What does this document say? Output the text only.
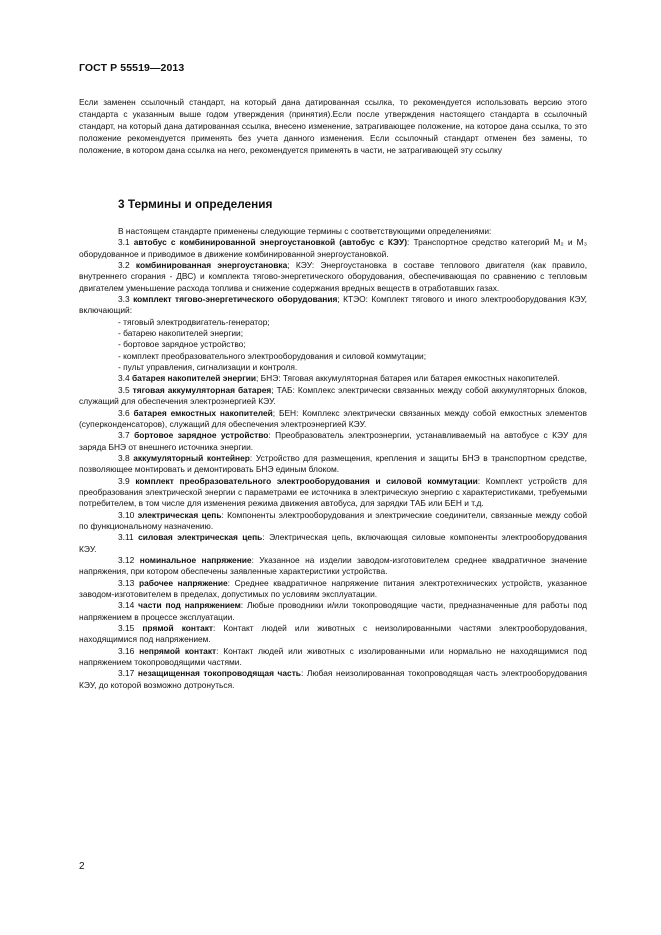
ГОСТ Р 55519—2013
Если заменен ссылочный стандарт, на который дана датированная ссылка, то рекомендуется использовать версию этого стандарта с указанным выше годом утверждения (принятия).Если после утверждения настоящего стандарта в ссылочный стандарт, на который дана датированная ссылка, внесено изменение, затрагивающее положение, на которое дана ссылка, то это положение рекомендуется применять без учета данного изменения. Если ссылочный стандарт отменен без замены, то положение, в котором дана ссылка на него, рекомендуется применять в части, не затрагивающей эту ссылку
3 Термины и определения

В настоящем стандарте применены следующие термины с соответствующими определениями:

3.1 автобус с комбинированной энергоустановкой (автобус с КЭУ): Транспортное средство категорий M₂ и M₃ оборудованное и приводимое в движение комбинированной энергоустановкой.

3.2 комбинированная энергоустановка; КЭУ: Энергоустановка в составе теплового двигателя (как правило, внутреннего сгорания - ДВС) и комплекта тягово-энергетического оборудования, обеспечивающая по сравнению с тепловым двигателем уменьшение расхода топлива и снижение содержания вредных веществ в отработавших газах.

3.3 комплект тягово-энергетического оборудования; КТЭО: Комплект тягового и иного электрооборудования КЭУ, включающий:

- тяговый электродвигатель-генератор;

- батарею накопителей энергии;

- бортовое зарядное устройство;

- комплект преобразовательного электрооборудования и силовой коммутации;

- пульт управления, сигнализации и контроля.

3.4 батарея накопителей энергии; БНЭ: Тяговая аккумуляторная батарея или батарея емкостных накопителей.

3.5 тяговая аккумуляторная батарея; ТАБ: Комплекс электрически связанных между собой аккумуляторных блоков, служащий для обеспечения электроэнергией КЭУ.

3.6 батарея емкостных накопителей; БЕН: Комплекс электрически связанных между собой емкостных элементов (суперконденсаторов), служащий для обеспечения электроэнергией КЭУ.

3.7 бортовое зарядное устройство: Преобразователь электроэнергии, устанавливаемый на автобусе с КЭУ для заряда БНЭ от внешнего источника энергии.

3.8 аккумуляторный контейнер: Устройство для размещения, крепления и защиты БНЭ в транспортном средстве, позволяющее монтировать и демонтировать БНЭ единым блоком.

3.9 комплект преобразовательного электрооборудования и силовой коммутации: Комплект устройств для преобразования электрической энергии с параметрами ее источника в электрическую энергию с характеристиками, требуемыми потребителем, в том числе для изменения режима движения автобуса, для зарядки ТАБ или БЕН и т.д.

3.10 электрическая цепь: Компоненты электрооборудования и электрические соединители, связанные между собой по функциональному назначению.

3.11 силовая электрическая цепь: Электрическая цепь, включающая силовые компоненты электрооборудования КЭУ.

3.12 номинальное напряжение: Указанное на изделии заводом-изготовителем среднее квадратичное значение напряжения, при котором обеспечены заявленные характеристики устройства.

3.13 рабочее напряжение: Среднее квадратичное напряжение питания электротехнических устройств, указанное заводом-изготовителем в пределах, допустимых по условиям эксплуатации.

3.14 части под напряжением: Любые проводники и/или токопроводящие части, предназначенные для работы под напряжением в процессе эксплуатации.

3.15 прямой контакт: Контакт людей или животных с неизолированными частями электрооборудования, находящимися под напряжением.

3.16 непрямой контакт: Контакт людей или животных с изолированными или нормально не находящимися под напряжением токопроводящими частями.

3.17 незащищенная токопроводящая часть: Любая неизолированная токопроводящая часть электрооборудования КЭУ, до которой возможно дотронуться.

2
